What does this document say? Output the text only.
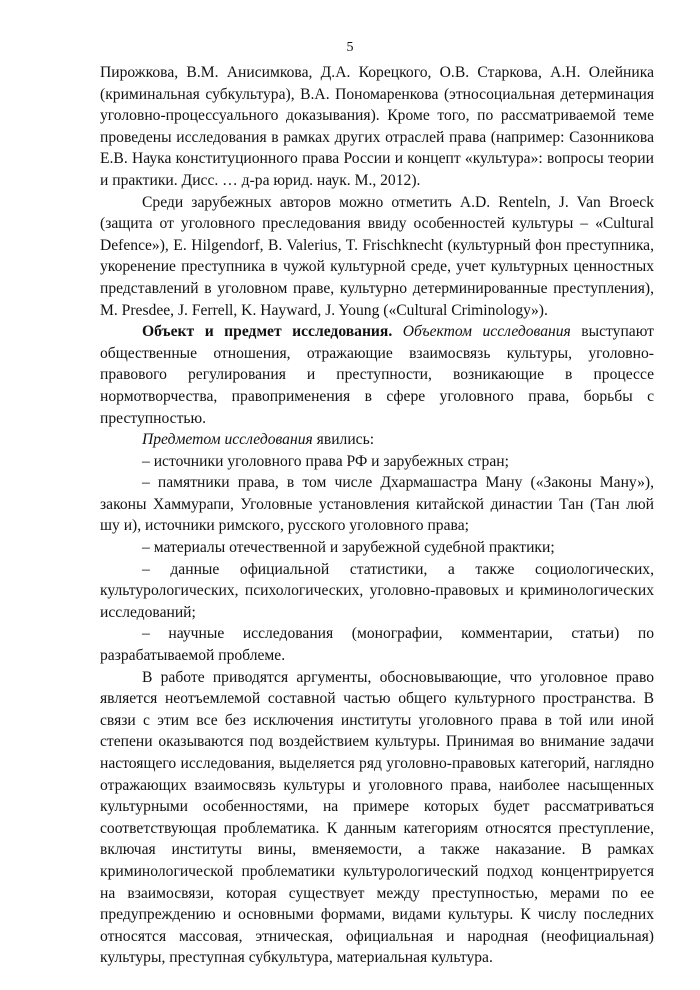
5

Пирожкова, В.М. Анисимкова, Д.А. Корецкого, О.В. Старкова, А.Н. Олейника (криминальная субкультура), В.А. Пономаренкова (этносоциальная детерминация уголовно-процессуального доказывания). Кроме того, по рассматриваемой теме проведены исследования в рамках других отраслей права (например: Сазонникова Е.В. Наука конституционного права России и концепт «культура»: вопросы теории и практики. Дисс. … д-ра юрид. наук. М., 2012).

Среди зарубежных авторов можно отметить A.D. Renteln, J. Van Broeck (защита от уголовного преследования ввиду особенностей культуры – «Cultural Defence»), E. Hilgendorf, B. Valerius, T. Frischknecht (культурный фон преступника, укоренение преступника в чужой культурной среде, учет культурных ценностных представлений в уголовном праве, культурно детерминированные преступления), M. Presdee, J. Ferrell, K. Hayward, J. Young («Cultural Criminology»).

Объект и предмет исследования. Объектом исследования выступают общественные отношения, отражающие взаимосвязь культуры, уголовно-правового регулирования и преступности, возникающие в процессе нормотворчества, правоприменения в сфере уголовного права, борьбы с преступностью.

Предметом исследования явились:

– источники уголовного права РФ и зарубежных стран;

– памятники права, в том числе Дхармашастра Ману («Законы Ману»), законы Хаммурапи, Уголовные установления китайской династии Тан (Тан люй шу и), источники римского, русского уголовного права;

– материалы отечественной и зарубежной судебной практики;

– данные официальной статистики, а также социологических, культурологических, психологических, уголовно-правовых и криминологических исследований;

– научные исследования (монографии, комментарии, статьи) по разрабатываемой проблеме.

В работе приводятся аргументы, обосновывающие, что уголовное право является неотъемлемой составной частью общего культурного пространства. В связи с этим все без исключения институты уголовного права в той или иной степени оказываются под воздействием культуры. Принимая во внимание задачи настоящего исследования, выделяется ряд уголовно-правовых категорий, наглядно отражающих взаимосвязь культуры и уголовного права, наиболее насыщенных культурными особенностями, на примере которых будет рассматриваться соответствующая проблематика. К данным категориям относятся преступление, включая институты вины, вменяемости, а также наказание. В рамках криминологической проблематики культурологический подход концентрируется на взаимосвязи, которая существует между преступностью, мерами по ее предупреждению и основными формами, видами культуры. К числу последних относятся массовая, этническая, официальная и народная (неофициальная) культуры, преступная субкультура, материальная культура.
